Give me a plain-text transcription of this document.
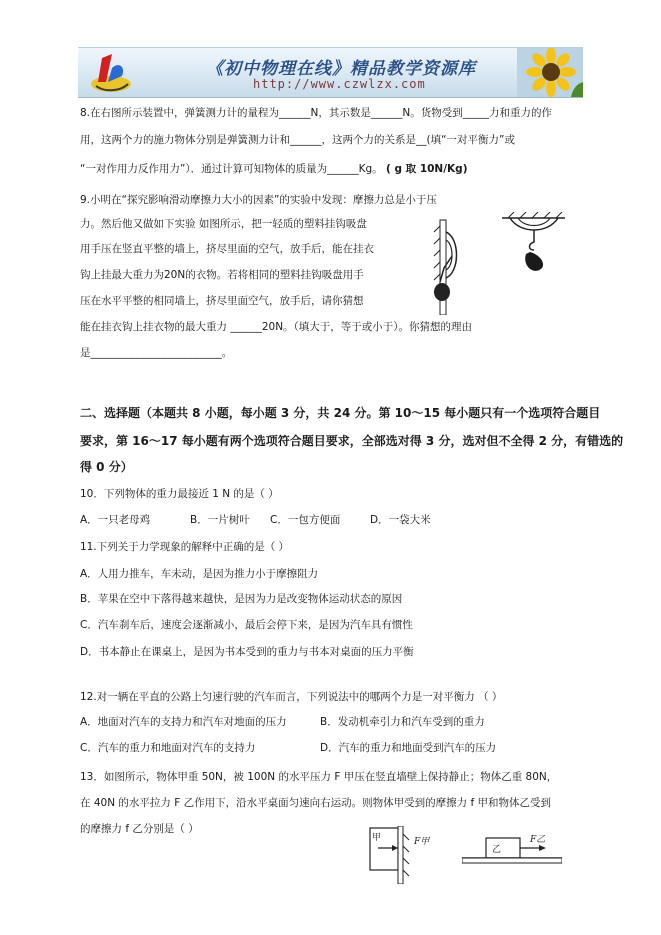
《初中物理在线》精品教学资源库
http://www.czwlzx.com
8.在右图所示装置中，弹簧测力计的量程为______N，其示数是______N。货物受到_____力和重力的作
用，这两个力的施力物体分别是弹簧测力计和______，这两个力的关系是__(填“一对平衡力”或
“一对作用力反作用力”）．通过计算可知物体的质量为______Kg。 ( g 取 10N/Kg)
9.小明在“探究影响滑动摩擦力大小的因素”的实验中发现：摩擦力总是小于压
力。然后他又做如下实验 如图所示，把一轻质的塑料挂钩吸盘
用手压在竖直平整的墙上，挤尽里面的空气，放手后，能在挂衣
钩上挂最大重力为20N的衣物。若将相同的塑料挂钩吸盘用手
压在水平平整的相同墙上，挤尽里面空气，放手后，请你猜想
能在挂衣钩上挂衣物的最大重力 ______20N。（填大于，等于或小于）。你猜想的理由
是_________________________。
二、选择题（本题共 8 小题，每小题 3 分，共 24 分。第 10～15 每小题只有一个选项符合题目
要求，第 16～17 每小题有两个选项符合题目要求，全部选对得 3 分，选对但不全得 2 分，有错选的
得 0 分）
10．下列物体的重力最接近 1 N 的是（ ）
A．一只老母鸡	B．一片树叶 C．一包方便面	D．一袋大米
11.下列关于力学现象的解释中正确的是（ ）
A．人用力推车，车未动，是因为推力小于摩擦阻力
B．苹果在空中下落得越来越快，是因为力是改变物体运动状态的原因
C．汽车刹车后，速度会逐渐减小，最后会停下来，是因为汽车具有惯性
D．书本静止在课桌上，是因为书本受到的重力与书本对桌面的压力平衡
12.对一辆在平直的公路上匀速行驶的汽车而言，下列说法中的哪两个力是一对平衡力 （ ）
A．地面对汽车的支持力和汽车对地面的压力	B．发动机牵引力和汽车受到的重力
C．汽车的重力和地面对汽车的支持力	D．汽车的重力和地面受到汽车的压力
13．如图所示，物体甲重 50N，被 100N 的水平压力 F 甲压在竖直墙壁上保持静止；物体乙重 80N，
在 40N 的水平拉力 F 乙作用下，沿水平桌面匀速向右运动。则物体甲受到的摩擦力 f 甲和物体乙受到
的摩擦力 f 乙分别是（ ）
甲	F甲
乙
F乙
